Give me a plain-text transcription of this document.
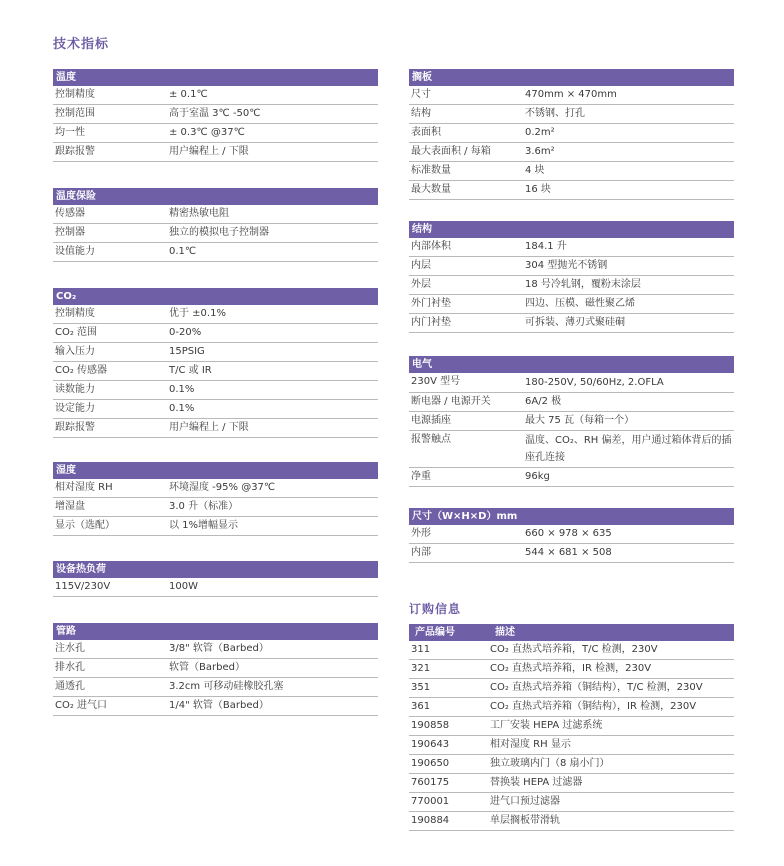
技术指标
温度
控制精度	± 0.1℃
控制范围	高于室温 3℃ -50℃
均一性	± 0.3℃ @37℃
跟踪报警	用户编程上 / 下限
温度保险
传感器	精密热敏电阻
控制器	独立的模拟电子控制器
设值能力	0.1℃
CO₂
控制精度	优于 ±0.1%
CO₂ 范围	0-20%
输入压力	15PSIG
CO₂ 传感器	T/C 或 IR
读数能力	0.1%
设定能力	0.1%
跟踪报警	用户编程上 / 下限
湿度
相对湿度 RH	环境湿度 -95% @37℃
增湿盘	3.0 升（标准）
显示（选配）	以 1%增幅显示
设备热负荷
115V/230V	100W
管路
注水孔	3/8" 软管（Barbed）
排水孔	软管（Barbed）
通透孔	3.2cm 可移动硅橡胶孔塞
CO₂ 进气口	1/4" 软管（Barbed）
搁板
尺寸	470mm × 470mm
结构	不锈钢、打孔
表面积	0.2m²
最大表面积 / 每箱	3.6m²
标准数量	4 块
最大数量	16 块
结构
内部体积	184.1 升
内层	304 型抛光不锈钢
外层	18 号冷轧钢，覆粉末涂层
外门衬垫	四边、压模、磁性聚乙烯
内门衬垫	可拆装、薄刃式聚硅硐
电气
230V 型号	180-250V, 50/60Hz, 2.OFLA
断电器 / 电源开关	6A/2 极
电源插座	最大 75 瓦（每箱一个）
报警触点	温度、CO₂、RH 偏差，用户通过箱体背后的插座孔连接
净重	96kg
尺寸（W×H×D）mm
外形	660 × 978 × 635
内部	544 × 681 × 508
订购信息
产品编号	描述
311	CO₂ 直热式培养箱，T/C 检测，230V
321	CO₂ 直热式培养箱，IR 检测，230V
351	CO₂ 直热式培养箱（铜结构），T/C 检测，230V
361	CO₂ 直热式培养箱（铜结构），IR 检测，230V
190858	工厂安装 HEPA 过滤系统
190643	相对湿度 RH 显示
190650	独立玻璃内门（8 扇小门）
760175	替换装 HEPA 过滤器
770001	进气口预过滤器
190884	单层搁板带滑轨
